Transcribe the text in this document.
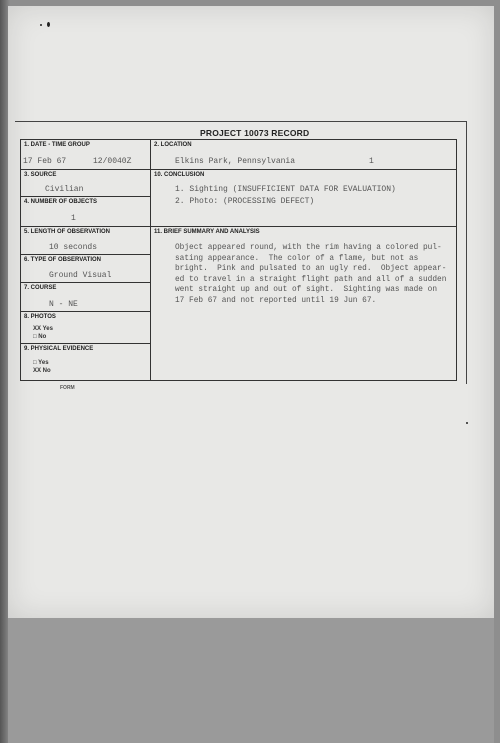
PROJECT 10073 RECORD
1. DATE - TIME GROUP
17 Feb 67	12/0040Z
3. SOURCE
Civilian
4. NUMBER OF OBJECTS
1
5. LENGTH OF OBSERVATION
10 seconds
6. TYPE OF OBSERVATION
Ground Visual
7. COURSE
N - NE
8. PHOTOS
XX Yes
□ No
9. PHYSICAL EVIDENCE
□ Yes
XX No
2. LOCATION
Elkins Park, Pennsylvania	1
10. CONCLUSION
1. Sighting (INSUFFICIENT DATA FOR EVALUATION)
2. Photo: (PROCESSING DEFECT)
11. BRIEF SUMMARY AND ANALYSIS
Object appeared round, with the rim having a colored pul-
sating appearance.  The color of a flame, but not as
bright.  Pink and pulsated to an ugly red.  Object appear-
ed to travel in a straight flight path and all of a sudden
went straight up and out of sight.  Sighting was made on
17 Feb 67 and not reported until 19 Jun 67.
FORM
